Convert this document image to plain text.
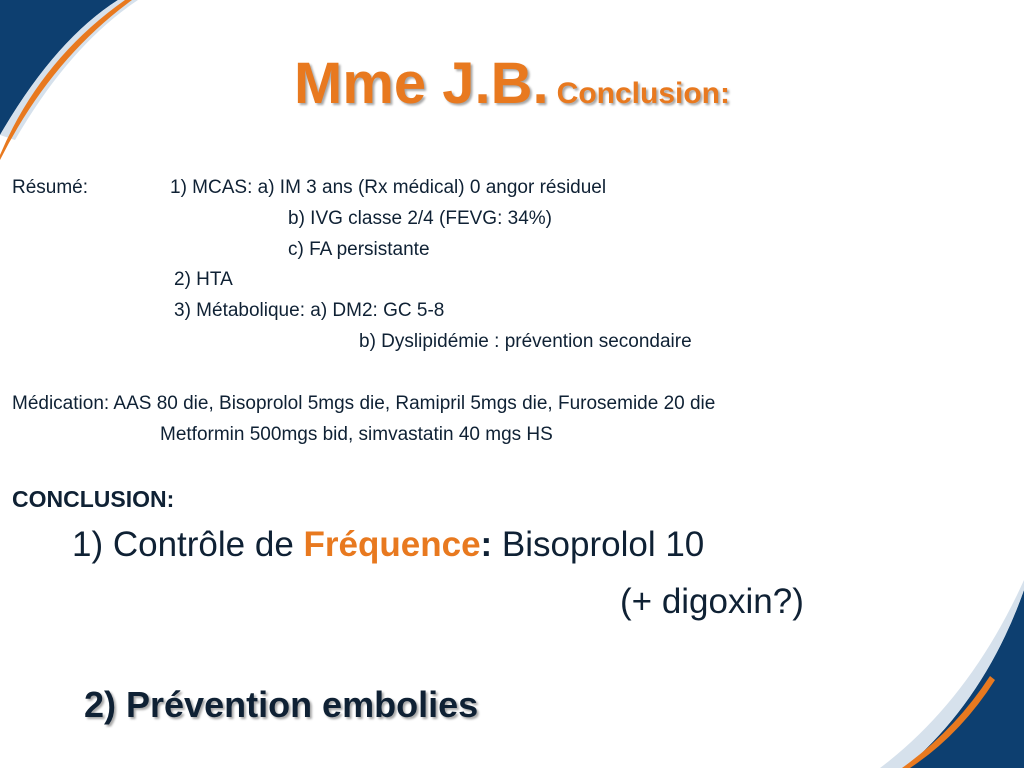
Mme J.B. Conclusion:
Résumé:	1) MCAS: a) IM 3 ans (Rx médical) 0 angor résiduel
b) IVG classe 2/4 (FEVG: 34%)
c) FA persistante
2) HTA
3) Métabolique: a) DM2: GC 5-8
b) Dyslipidémie : prévention secondaire
Médication: AAS 80 die, Bisoprolol 5mgs die, Ramipril 5mgs die, Furosemide 20 die
Metformin 500mgs bid, simvastatin 40 mgs HS
CONCLUSION:
1) Contrôle de Fréquence: Bisoprolol 10
(+ digoxin?)
2) Prévention embolies
